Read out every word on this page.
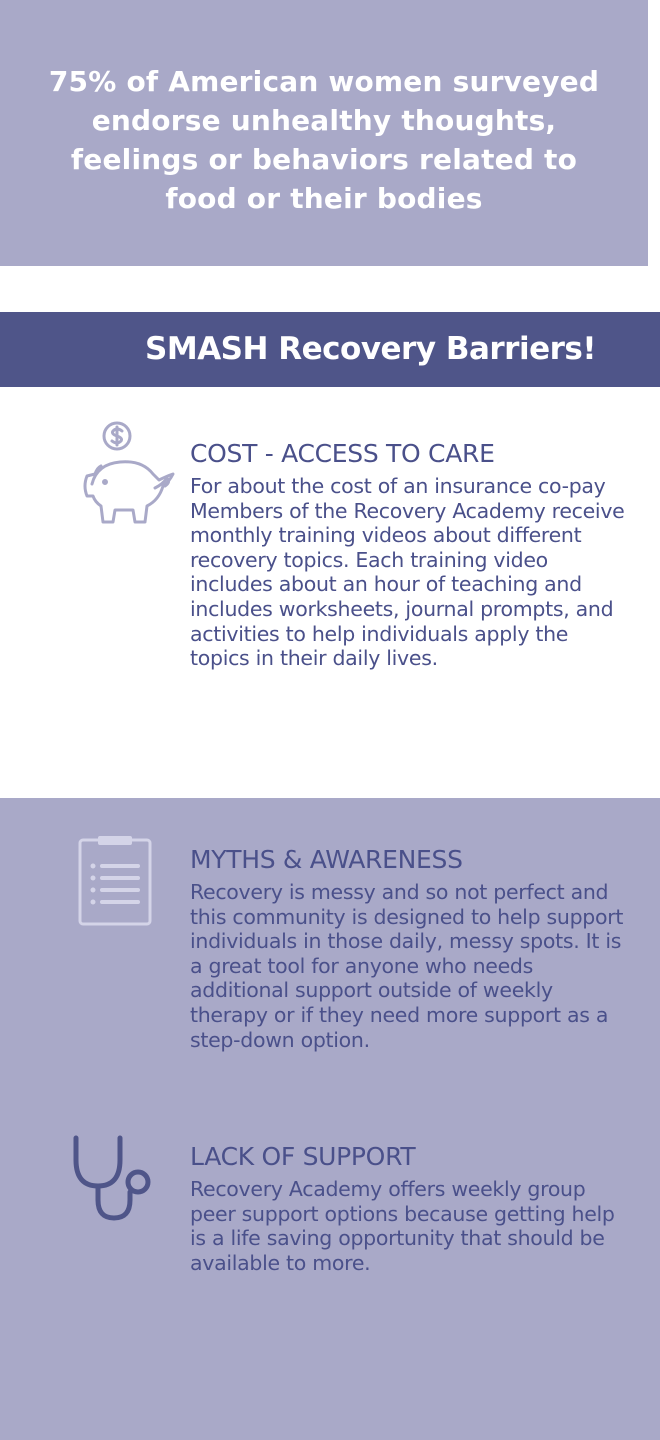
75% of American women surveyed endorse unhealthy thoughts, feelings or behaviors related to food or their bodies
SMASH Recovery Barriers!
COST - ACCESS TO CARE

For about the cost of an insurance co-pay Members of the Recovery Academy receive monthly training videos about different recovery topics. Each training video includes about an hour of teaching and includes worksheets, journal prompts, and activities to help individuals apply the topics in their daily lives.

MYTHS & AWARENESS

Recovery is messy and so not perfect and this community is designed to help support individuals in those daily, messy spots. It is a great tool for anyone who needs additional support outside of weekly therapy or if they need more support as a step-down option.

LACK OF SUPPORT

Recovery Academy offers weekly group peer support options because getting help is a life saving opportunity that should be available to more.
